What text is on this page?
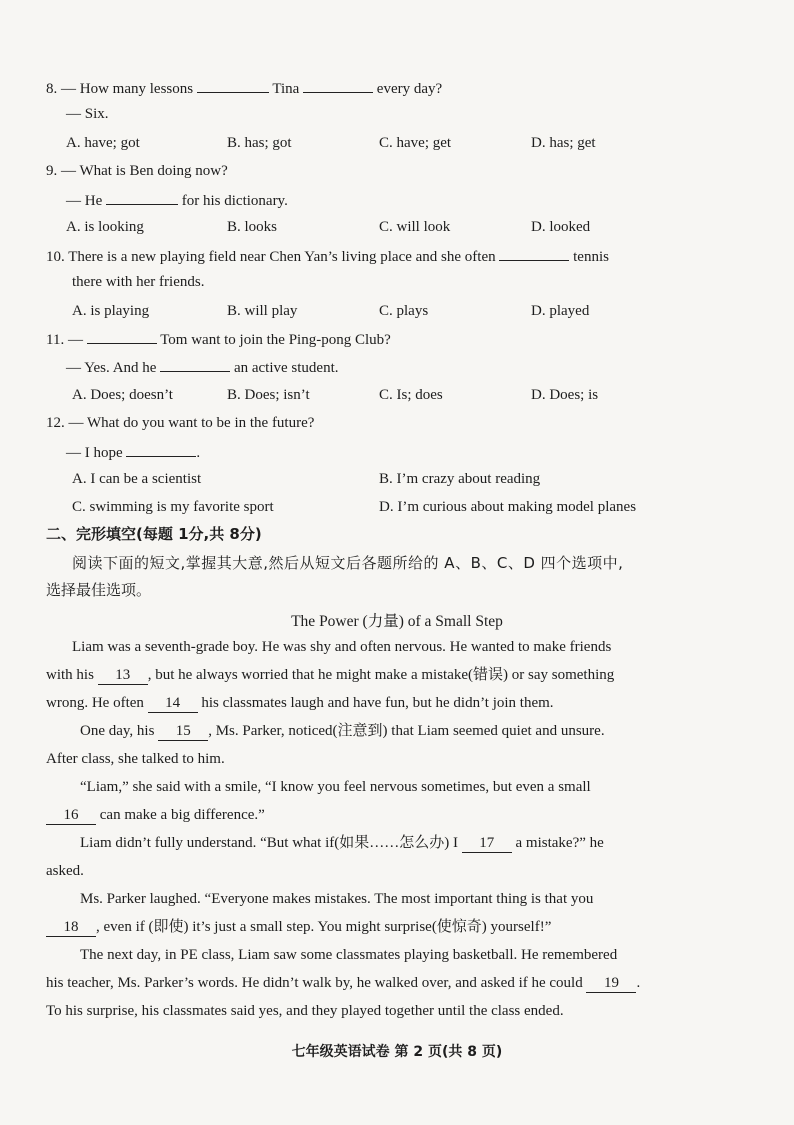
8. — How many lessons	Tina	every day?
— Six.
A. have; got	B. has; got	C. have; get	D. has; get
9. — What is Ben doing now?
— He	for his dictionary.
A. is looking	B. looks	C. will look	D. looked
10. There is a new playing field near Chen Yan’s living place and she often	tennis
there with her friends.
A. is playing	B. will play	C. plays	D. played
11. —	Tom want to join the Ping-pong Club?
— Yes. And he	an active student.
A. Does; doesn’t	B. Does; isn’t	C. Is; does	D. Does; is
12. — What do you want to be in the future?
— I hope	.
A. I can be a scientist	B. I’m crazy about reading
C. swimming is my favorite sport	D. I’m curious about making model planes
二、完形填空(每题 1分,共 8分)
阅读下面的短文,掌握其大意,然后从短文后各题所给的 A、B、C、D 四个选项中,
选择最佳选项。
The Power (力量) of a Small Step
Liam was a seventh-grade boy. He was shy and often nervous. He wanted to make friends
with his 13 , but he always worried that he might make a mistake(错误) or say something
wrong. He often 14 his classmates laugh and have fun, but he didn’t join them.
One day, his 15 , Ms. Parker, noticed(注意到) that Liam seemed quiet and unsure.
After class, she talked to him.
“Liam,” she said with a smile, “I know you feel nervous sometimes, but even a small
16 can make a big difference.”
Liam didn’t fully understand. “But what if(如果……怎么办) I 17 a mistake?” he
asked.
Ms. Parker laughed. “Everyone makes mistakes. The most important thing is that you
18 , even if (即使) it’s just a small step. You might surprise(使惊奇) yourself!”
The next day, in PE class, Liam saw some classmates playing basketball. He remembered
his teacher, Ms. Parker’s words. He didn’t walk by, he walked over, and asked if he could 19 .
To his surprise, his classmates said yes, and they played together until the class ended.
七年级英语试卷 第 2 页(共 8 页)
